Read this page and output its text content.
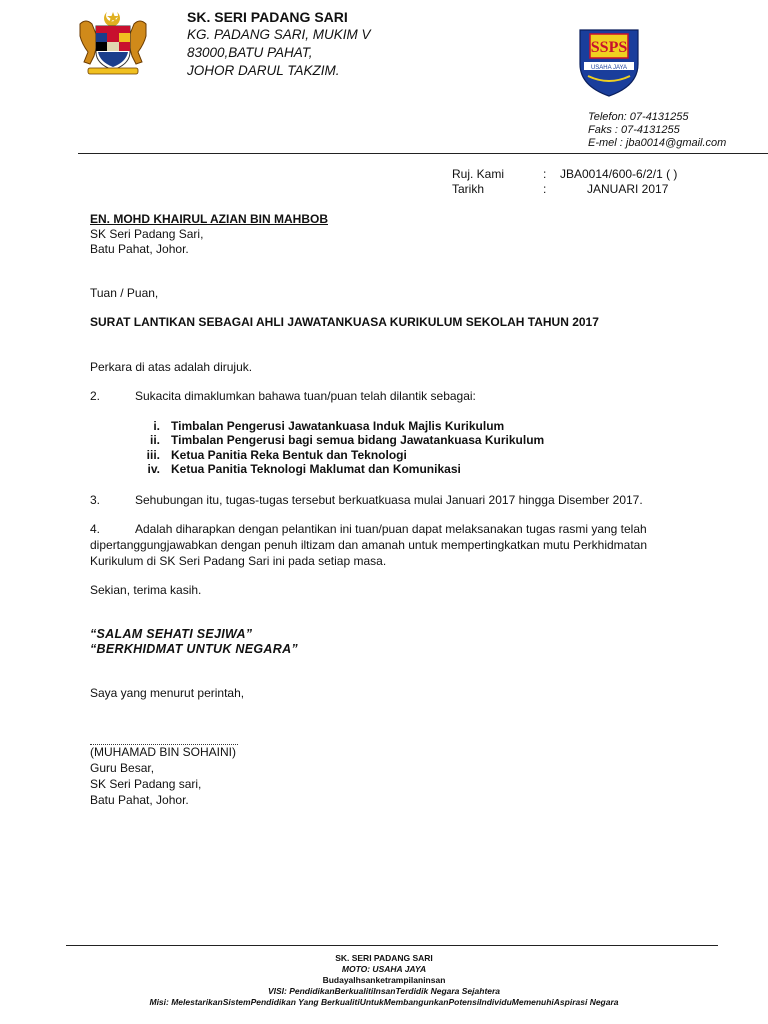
SK. SERI PADANG SARI
KG. PADANG SARI, MUKIM V
83000,BATU PAHAT,
JOHOR DARUL TAKZIM.
SSPS
USAHA JAYA
Telefon: 07-4131255
Faks : 07-4131255
E-mel : jba0014@gmail.com
Ruj. Kami	: JBA0014/600-6/2/1 ( )
Tarikh	:	JANUARI 2017
EN. MOHD KHAIRUL AZIAN BIN MAHBOB
SK Seri Padang Sari,
Batu Pahat, Johor.
Tuan / Puan,
SURAT LANTIKAN SEBAGAI AHLI JAWATANKUASA KURIKULUM SEKOLAH TAHUN 2017
Perkara di atas adalah dirujuk.
2.	Sukacita dimaklumkan bahawa tuan/puan telah dilantik sebagai:
i. Timbalan Pengerusi Jawatankuasa Induk Majlis Kurikulum
ii. Timbalan Pengerusi bagi semua bidang Jawatankuasa Kurikulum
iii. Ketua Panitia Reka Bentuk dan Teknologi
iv. Ketua Panitia Teknologi Maklumat dan Komunikasi
3.	Sehubungan itu, tugas-tugas tersebut berkuatkuasa mulai Januari 2017 hingga Disember 2017.
4.	Adalah diharapkan dengan pelantikan ini tuan/puan dapat melaksanakan tugas rasmi yang telah
dipertanggungjawabkan dengan penuh iltizam dan amanah untuk mempertingkatkan mutu Perkhidmatan
Kurikulum di SK Seri Padang Sari ini pada setiap masa.
Sekian, terima kasih.
“SALAM SEHATI SEJIWA”
“BERKHIDMAT UNTUK NEGARA”
Saya yang menurut perintah,
(MUHAMAD BIN SOHAINI)
Guru Besar,
SK Seri Padang sari,
Batu Pahat, Johor.
SK. SERI PADANG SARI
MOTO: USAHA JAYA
Budayalhsanketrampilaninsan
VISI: PendidikanBerkualitiInsanTerdidik Negara Sejahtera
Misi: MelestarikanSistemPendidikan Yang BerkualitiUntukMembangunkanPotensiIndividuMemenuhiAspirasi Negara
